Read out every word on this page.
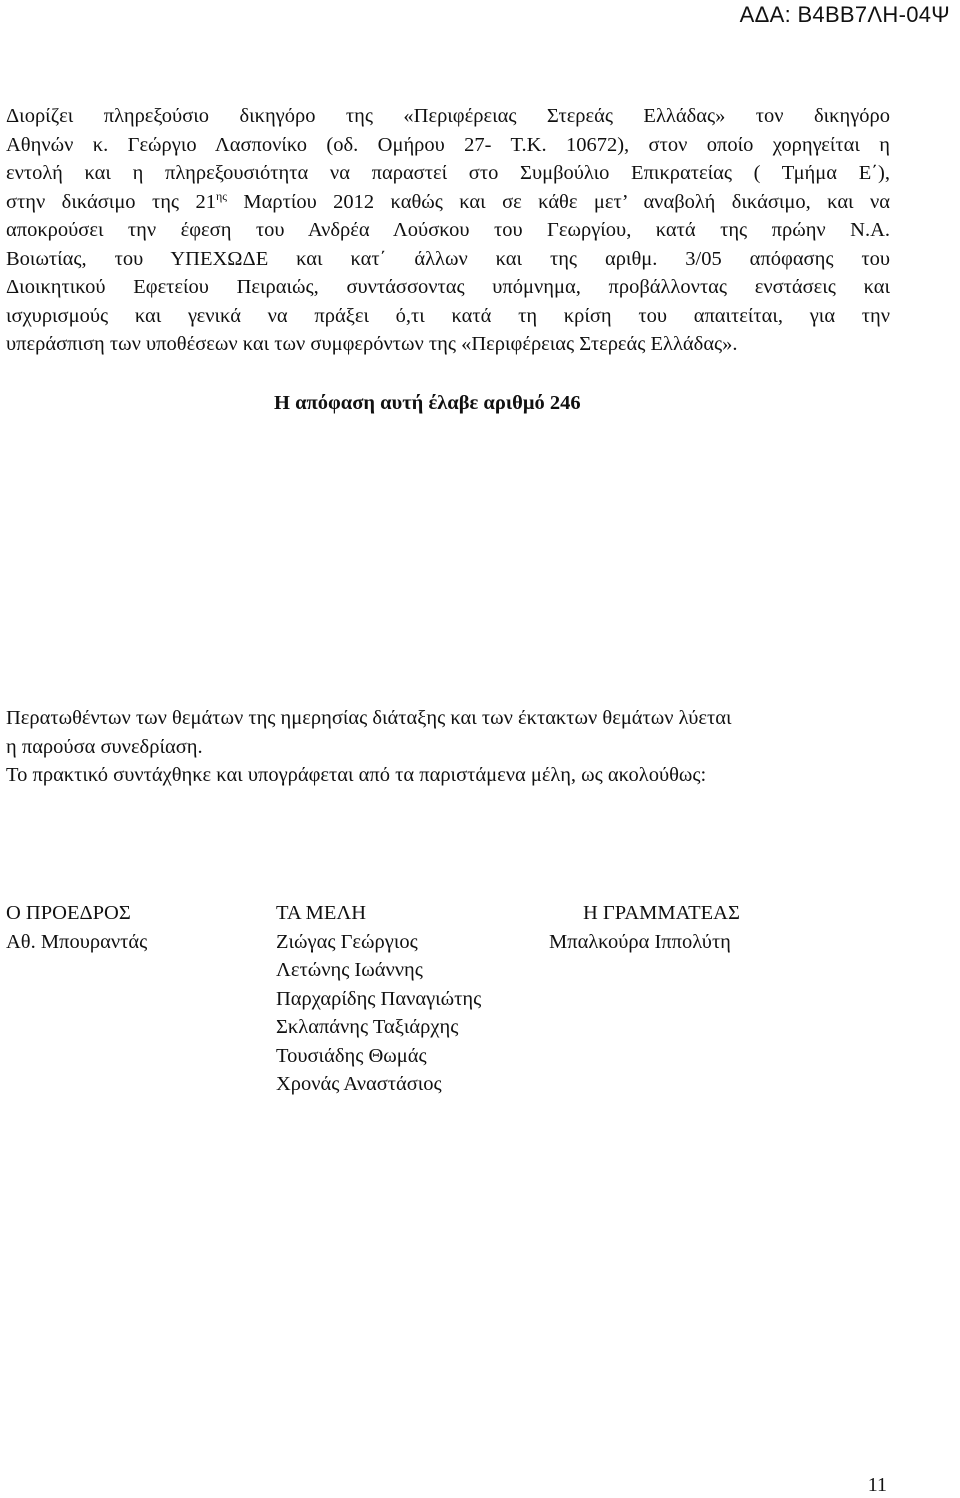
ΑΔΑ: Β4ΒΒ7ΛΗ-04Ψ
Διορίζει πληρεξούσιο δικηγόρο της «Περιφέρειας Στερεάς Ελλάδας» τον δικηγόρο
Αθηνών κ. Γεώργιο Λασπονίκο (οδ. Ομήρου 27- Τ.Κ. 10672), στον οποίο χορηγείται η
εντολή και η πληρεξουσιότητα να παραστεί στο Συμβούλιο Επικρατείας ( Τμήμα Ε΄),
στην δικάσιμο της $21^{\eta\varsigma}$ Μαρτίου 2012 καθώς και σε κάθε μετ’ αναβολή δικάσιμο, και να
αποκρούσει την έφεση του Ανδρέα Λούσκου του Γεωργίου, κατά της πρώην Ν.Α.
Βοιωτίας, του ΥΠΕΧΩΔΕ και κατ΄ άλλων και της αριθμ. 3/05 απόφασης του
Διοικητικού Εφετείου Πειραιώς, συντάσσοντας υπόμνημα, προβάλλοντας ενστάσεις και
ισχυρισμούς και γενικά να πράξει ό,τι κατά τη κρίση του απαιτείται, για την
υπεράσπιση των υποθέσεων και των συμφερόντων της «Περιφέρειας Στερεάς Ελλάδας».

Η απόφαση αυτή έλαβε αριθμό 246

Περατωθέντων των θεμάτων της ημερησίας διάταξης και των έκτακτων θεμάτων λύεται
η παρούσα συνεδρίαση.
Το πρακτικό συντάχθηκε και υπογράφεται από τα παριστάμενα μέλη, ως ακολούθως:
Ο ΠΡΟΕΔΡΟΣ
Αθ. Μπουραντάς
ΤΑ ΜΕΛΗ
Ζιώγας Γεώργιος
Λετώνης Ιωάννης
Παρχαρίδης Παναγιώτης
Σκλαπάνης Ταξιάρχης
Τουσιάδης Θωμάς
Χρονάς Αναστάσιος
Η ΓΡΑΜΜΑΤΕΑΣ
Μπαλκούρα Ιππολύτη
11
